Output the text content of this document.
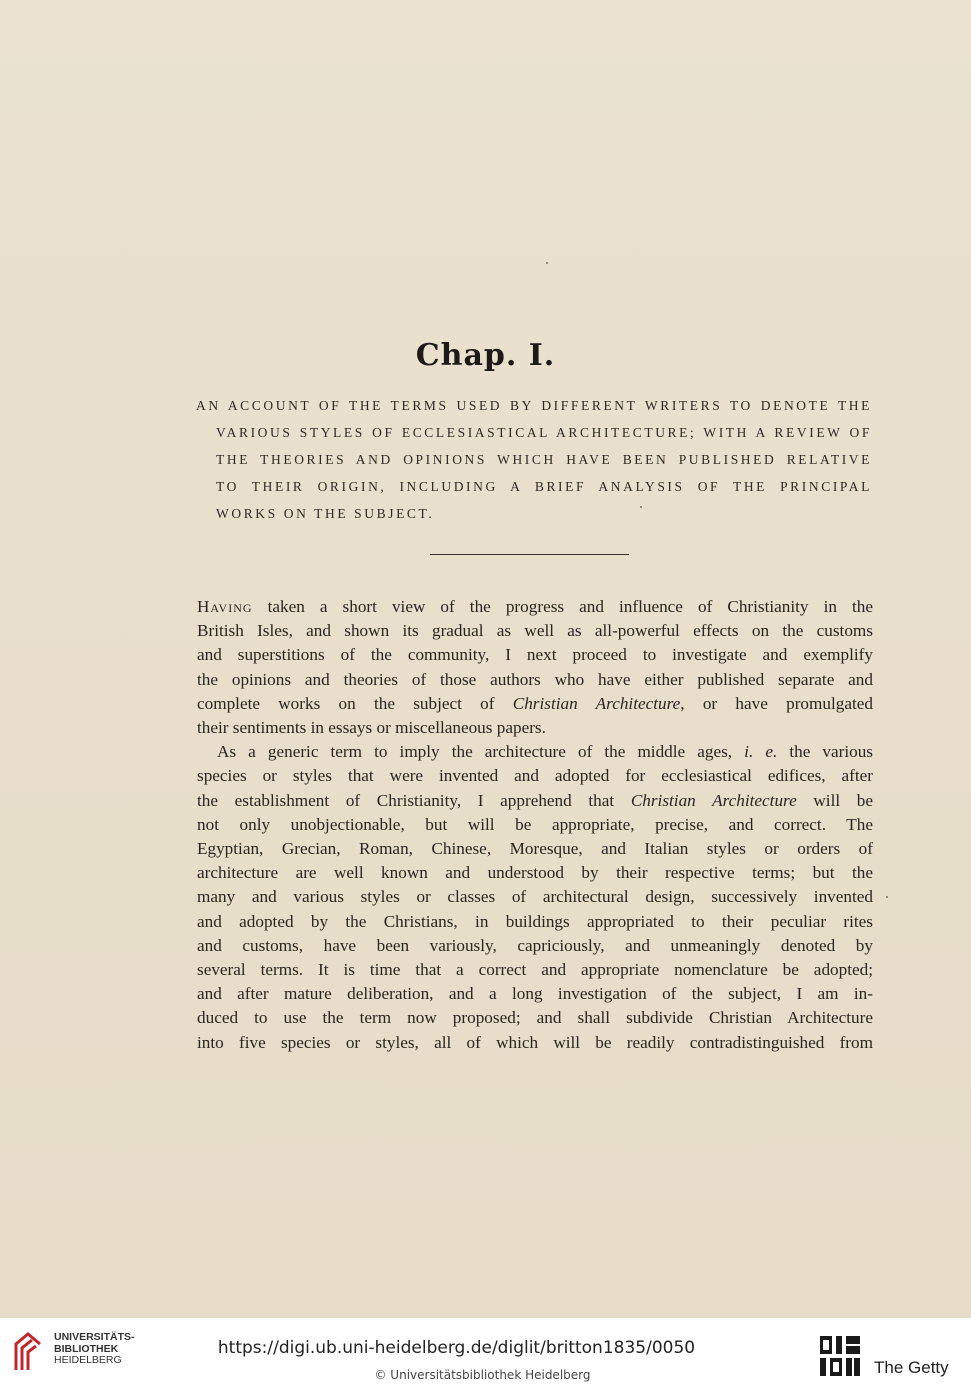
Chap. I.
AN ACCOUNT OF THE TERMS USED BY DIFFERENT WRITERS TO DENOTE THE
VARIOUS STYLES OF ECCLESIASTICAL ARCHITECTURE; WITH A REVIEW OF
THE THEORIES AND OPINIONS WHICH HAVE BEEN PUBLISHED RELATIVE
TO THEIR ORIGIN, INCLUDING A BRIEF ANALYSIS OF THE PRINCIPAL
WORKS ON THE SUBJECT.
Having taken a short view of the progress and influence of Christianity in the
British Isles, and shown its gradual as well as all-powerful effects on the customs
and superstitions of the community, I next proceed to investigate and exemplify
the opinions and theories of those authors who have either published separate and
complete works on the subject of Christian Architecture, or have promulgated
their sentiments in essays or miscellaneous papers.
As a generic term to imply the architecture of the middle ages, i. e. the various
species or styles that were invented and adopted for ecclesiastical edifices, after
the establishment of Christianity, I apprehend that Christian Architecture will be
not only unobjectionable, but will be appropriate, precise, and correct. The
Egyptian, Grecian, Roman, Chinese, Moresque, and Italian styles or orders of
architecture are well known and understood by their respective terms; but the
many and various styles or classes of architectural design, successively invented
and adopted by the Christians, in buildings appropriated to their peculiar rites
and customs, have been variously, capriciously, and unmeaningly denoted by
several terms. It is time that a correct and appropriate nomenclature be adopted;
and after mature deliberation, and a long investigation of the subject, I am in-
duced to use the term now proposed; and shall subdivide Christian Architecture
into five species or styles, all of which will be readily contradistinguished from
UNIVERSITÄTS-
BIBLIOTHEK
HEIDELBERG
https://digi.ub.uni-heidelberg.de/diglit/britton1835/0050
© Universitätsbibliothek Heidelberg	The Getty
